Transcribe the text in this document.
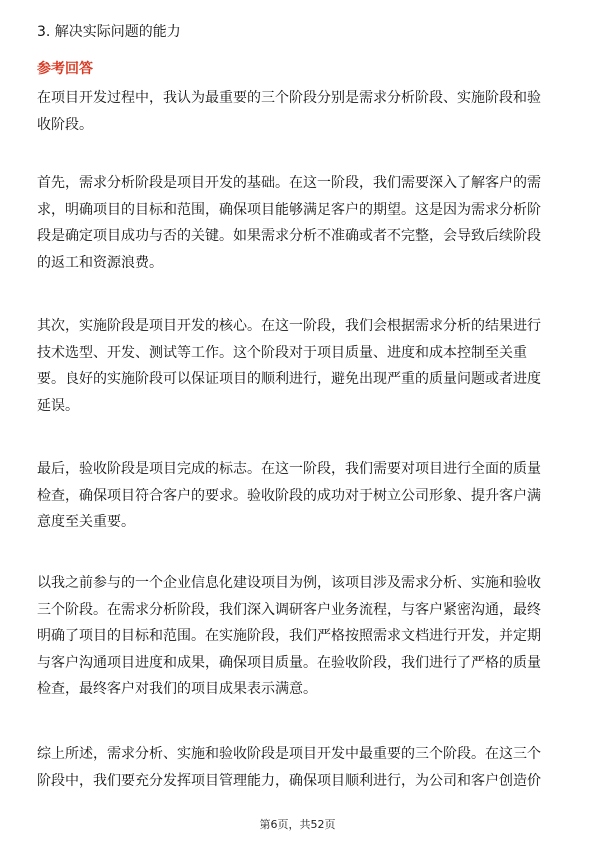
3. 解决实际问题的能力
参考回答
在项目开发过程中，我认为最重要的三个阶段分别是需求分析阶段、实施阶段和验
收阶段。
首先，需求分析阶段是项目开发的基础。在这一阶段，我们需要深入了解客户的需
求，明确项目的目标和范围，确保项目能够满足客户的期望。这是因为需求分析阶
段是确定项目成功与否的关键。如果需求分析不准确或者不完整，会导致后续阶段
的返工和资源浪费。
其次，实施阶段是项目开发的核心。在这一阶段，我们会根据需求分析的结果进行
技术选型、开发、测试等工作。这个阶段对于项目质量、进度和成本控制至关重
要。良好的实施阶段可以保证项目的顺利进行，避免出现严重的质量问题或者进度
延误。
最后，验收阶段是项目完成的标志。在这一阶段，我们需要对项目进行全面的质量
检查，确保项目符合客户的要求。验收阶段的成功对于树立公司形象、提升客户满
意度至关重要。
以我之前参与的一个企业信息化建设项目为例，该项目涉及需求分析、实施和验收
三个阶段。在需求分析阶段，我们深入调研客户业务流程，与客户紧密沟通，最终
明确了项目的目标和范围。在实施阶段，我们严格按照需求文档进行开发，并定期
与客户沟通项目进度和成果，确保项目质量。在验收阶段，我们进行了严格的质量
检查，最终客户对我们的项目成果表示满意。
综上所述，需求分析、实施和验收阶段是项目开发中最重要的三个阶段。在这三个
阶段中，我们要充分发挥项目管理能力，确保项目顺利进行，为公司和客户创造价
第6页，共52页
